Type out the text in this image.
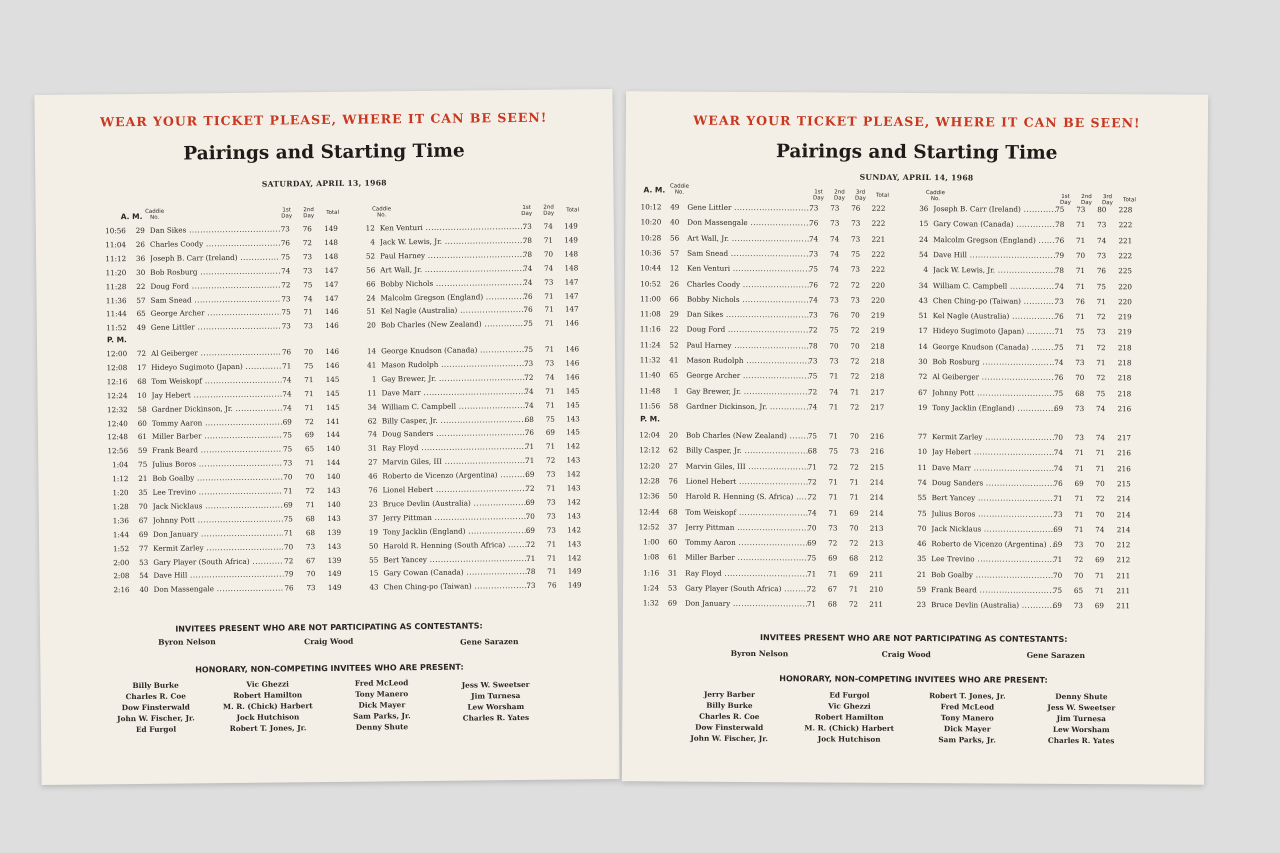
WEAR YOUR TICKET PLEASE, WHERE IT CAN BE SEEN!
Pairings and Starting Time
SATURDAY, APRIL 13, 1968
A. M.
Caddie No.
1st Day
2nd Day
Total
Caddie No.
1st Day
2nd Day
Total
10:56	29 Dan Sikes .....	73	76	149	12 Ken Venturi .....	73	74	149
11:04	26 Charles Coody .....	76	72	148	4 Jack W. Lewis, Jr. .....	78	71	149
11:12	36 Joseph B. Carr (Ireland) .....	75	73	148	52 Paul Harney .....	78	70	148
11:20	30 Bob Rosburg .....	74	73	147	56 Art Wall, Jr. .....	74	74	148
11:28	22 Doug Ford .....	72	75	147	66 Bobby Nichols .....	74	73	147
11:36	57 Sam Snead .....	73	74	147	24 Malcolm Gregson (England) .....	76	71	147
11:44	65 George Archer .....	75	71	146	51 Kel Nagle (Australia) .....	76	71	147
11:52	49 Gene Littler .....	73	73	146	20 Bob Charles (New Zealand) .....	75	71	146
P. M.
12:00	72 Al Geiberger .....	76	70	146	14 George Knudson (Canada) .....	75	71	146
12:08	17 Hideyo Sugimoto (Japan) .....	71	75	146	41 Mason Rudolph .....	73	73	146
12:16	68 Tom Weiskopf .....	74	71	145	1 Gay Brewer, Jr. .....	72	74	146
12:24	10 Jay Hebert .....	74	71	145	11 Dave Marr .....	74	71	145
12:32	58 Gardner Dickinson, Jr. .....	74	71	145	34 William C. Campbell .....	74	71	145
12:40	60 Tommy Aaron .....	69	72	141	62 Billy Casper, Jr. .....	68	75	143
12:48	61 Miller Barber .....	75	69	144	74 Doug Sanders .....	76	69	145
12:56	59 Frank Beard .....	75	65	140	31 Ray Floyd .....	71	71	142
1:04	75 Julius Boros .....	73	71	144	27 Marvin Giles, III .....	71	72	143
1:12	21 Bob Goalby .....	70	70	140	46 Roberto de Vicenzo (Argentina) .....	69	73	142
1:20	35 Lee Trevino .....	71	72	143	76 Lionel Hebert .....	72	71	143
1:28	70 Jack Nicklaus .....	69	71	140	23 Bruce Devlin (Australia) .....	69	73	142
1:36	67 Johnny Pott .....	75	68	143	37 Jerry Pittman .....	70	73	143
1:44	69 Don January .....	71	68	139	19 Tony Jacklin (England) .....	69	73	142
1:52	77 Kermit Zarley .....	70	73	143	50 Harold R. Henning (South Africa) .....	72	71	143
2:00	53 Gary Player (South Africa) .....	72	67	139	55 Bert Yancey .....	71	71	142
2:08	54 Dave Hill .....	79	70	149	15 Gary Cowan (Canada) .....	78	71	149
2:16	40 Don Massengale .....	76	73	149	43 Chen Ching-po (Taiwan) .....	73	76	149
INVITEES PRESENT WHO ARE NOT PARTICIPATING AS CONTESTANTS:
Byron Nelson	Craig Wood	Gene Sarazen
HONORARY, NON-COMPETING INVITEES WHO ARE PRESENT:
Billy Burke
Charles R. Coe
Dow Finsterwald
John W. Fischer, Jr.
Ed Furgol
Vic Ghezzi
Robert Hamilton
M. R. (Chick) Harbert
Jock Hutchison
Robert T. Jones, Jr.
Fred McLeod
Tony Manero
Dick Mayer
Sam Parks, Jr.
Denny Shute
Jess W. Sweetser
Jim Turnesa
Lew Worsham
Charles R. Yates
WEAR YOUR TICKET PLEASE, WHERE IT CAN BE SEEN!
Pairings and Starting Time
SUNDAY, APRIL 14, 1968
A. M. Caddie No.	1st Day
2nd Day
3rd Day	Total	Caddie No.	1st Day
2nd Day
3rd Day	Total
10:12	49 Gene Littler .....	73	73	76	222	36 Joseph B. Carr (Ireland) .....	75	73	80	228
10:20	40 Don Massengale .....	76	73	73	222	15 Gary Cowan (Canada) .....	78	71	73	222
10:28	56 Art Wall, Jr. .....	74	74	73	221	24 Malcolm Gregson (England) .....	76	71	74	221
10:36	57 Sam Snead .....	73	74	75	222	54 Dave Hill .....	79	70	73	222
10:44	12 Ken Venturi .....	75	74	73	222	4 Jack W. Lewis, Jr. .....	78	71	76	225
10:52	26 Charles Coody .....	76	72	72	220	34 William C. Campbell .....	74	71	75	220
11:00	66 Bobby Nichols .....	74	73	73	220	43 Chen Ching-po (Taiwan) .....	73	76	71	220
11:08	29 Dan Sikes .....	73	76	70	219	51 Kel Nagle (Australia) .....	76	71	72	219
11:16	22 Doug Ford .....	72	75	72	219	17 Hideyo Sugimoto (Japan) .....	71	75	73	219
11:24	52 Paul Harney .....	78	70	70	218	14 George Knudson (Canada) .....	75	71	72	218
11:32	41 Mason Rudolph .....	73	73	72	218	30 Bob Rosburg .....	74	73	71	218
11:40	65 George Archer .....	75	71	72	218	72 Al Geiberger .....	76	70	72	218
11:48	1 Gay Brewer, Jr. .....	72	74	71	217	67 Johnny Pott .....	75	68	75	218
11:56	58 Gardner Dickinson, Jr. .....	74	71	72	217	19 Tony Jacklin (England) .....	69	73	74	216
P. M.
12:04	20 Bob Charles (New Zealand) .....	75	71	70	216	77 Kermit Zarley .....	70	73	74	217
12:12	62 Billy Casper, Jr. .....	68	75	73	216	10 Jay Hebert .....	74	71	71	216
12:20	27 Marvin Giles, III .....	71	72	72	215	11 Dave Marr .....	74	71	71	216
12:28	76 Lionel Hebert .....	72	71	71	214	74 Doug Sanders .....	76	69	70	215
12:36	50 Harold R. Henning (S. Africa) .....	72	71	71	214	55 Bert Yancey .....	71	71	72	214
12:44	68 Tom Weiskopf .....	74	71	69	214	75 Julius Boros .....	73	71	70	214
12:52	37 Jerry Pittman .....	70	73	70	213	70 Jack Nicklaus .....	69	71	74	214
1:00	60 Tommy Aaron .....	69	72	72	213	46 Roberto de Vicenzo (Argentina) ..... 69	73	70	212
1:08	61 Miller Barber .....	75	69	68	212	35 Lee Trevino .....	71	72	69	212
1:16	31 Ray Floyd .....	71	71	69	211	21 Bob Goalby .....	70	70	71	211
1:24	53 Gary Player (South Africa) .....	72	67	71	210	59 Frank Beard .....	75	65	71	211
1:32	69 Don January .....	71	68	72	211	23 Bruce Devlin (Australia) .....	69	73	69	211
INVITEES PRESENT WHO ARE NOT PARTICIPATING AS CONTESTANTS:
Byron Nelson	Craig Wood	Gene Sarazen
HONORARY, NON-COMPETING INVITEES WHO ARE PRESENT:
Jerry Barber
Billy Burke
Charles R. Coe
Dow Finsterwald
John W. Fischer, Jr.
Ed Furgol
Vic Ghezzi
Robert Hamilton
M. R. (Chick) Harbert
Jock Hutchison
Robert T. Jones, Jr.
Fred McLeod
Tony Manero
Dick Mayer
Sam Parks, Jr.
Denny Shute
Jess W. Sweetser
Jim Turnesa
Lew Worsham
Charles R. Yates
